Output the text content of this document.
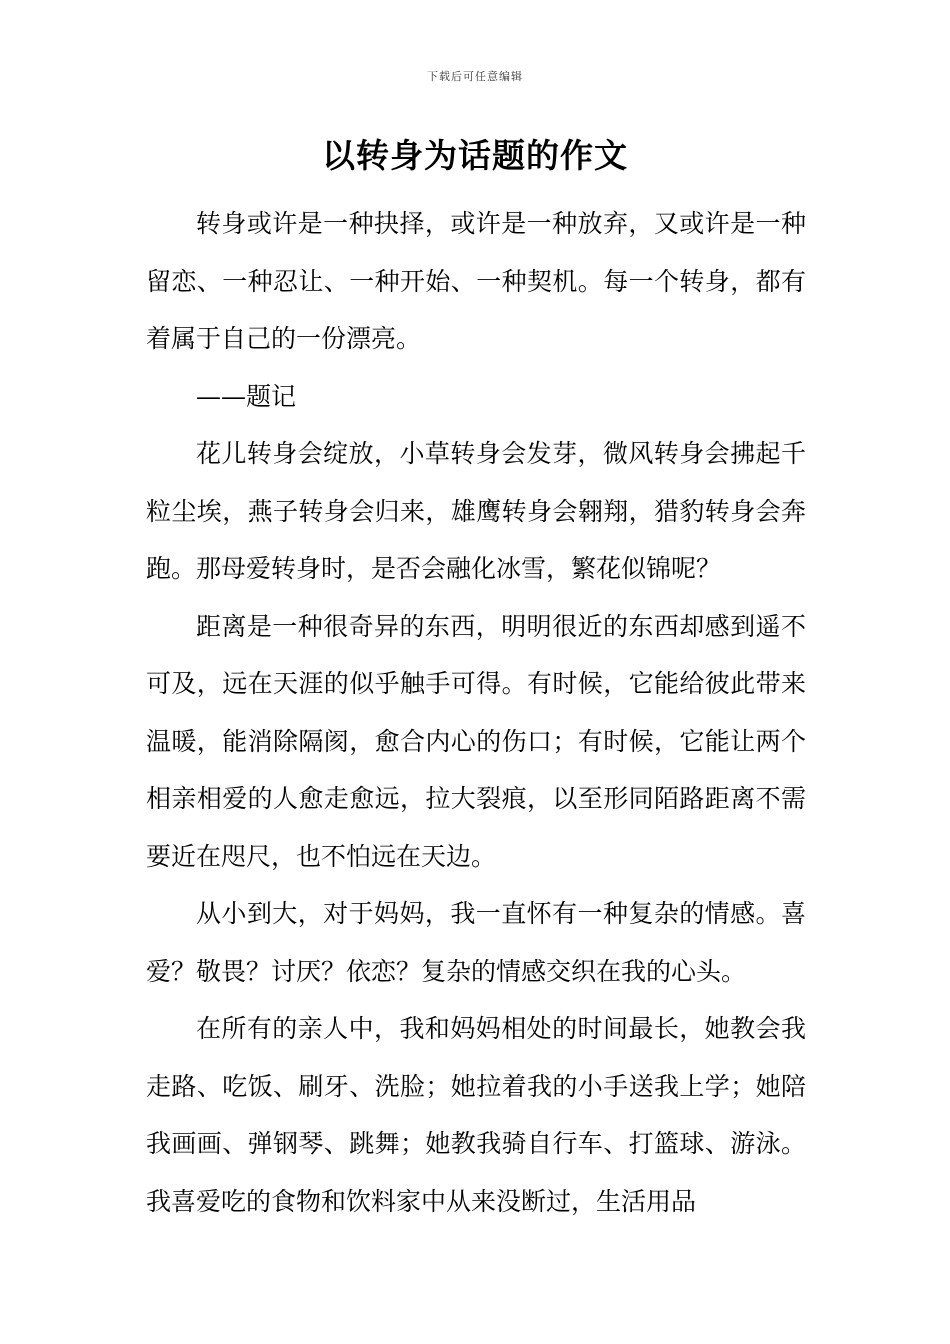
下载后可任意编辑
以转身为话题的作文

转身或许是一种抉择，或许是一种放弃，又或许是一种留恋、一种忍让、一种开始、一种契机。每一个转身，都有着属于自己的一份漂亮。

——题记

花儿转身会绽放，小草转身会发芽，微风转身会拂起千粒尘埃，燕子转身会归来，雄鹰转身会翱翔，猎豹转身会奔跑。那母爱转身时，是否会融化冰雪，繁花似锦呢？

距离是一种很奇异的东西，明明很近的东西却感到遥不可及，远在天涯的似乎触手可得。有时候，它能给彼此带来温暖，能消除隔阂，愈合内心的伤口；有时候，它能让两个相亲相爱的人愈走愈远，拉大裂痕，以至形同陌路距离不需要近在咫尺，也不怕远在天边。

从小到大，对于妈妈，我一直怀有一种复杂的情感。喜爱？敬畏？讨厌？依恋？复杂的情感交织在我的心头。

在所有的亲人中，我和妈妈相处的时间最长，她教会我走路、吃饭、刷牙、洗脸；她拉着我的小手送我上学；她陪我画画、弹钢琴、跳舞；她教我骑自行车、打篮球、游泳。我喜爱吃的食物和饮料家中从来没断过，生活用品
